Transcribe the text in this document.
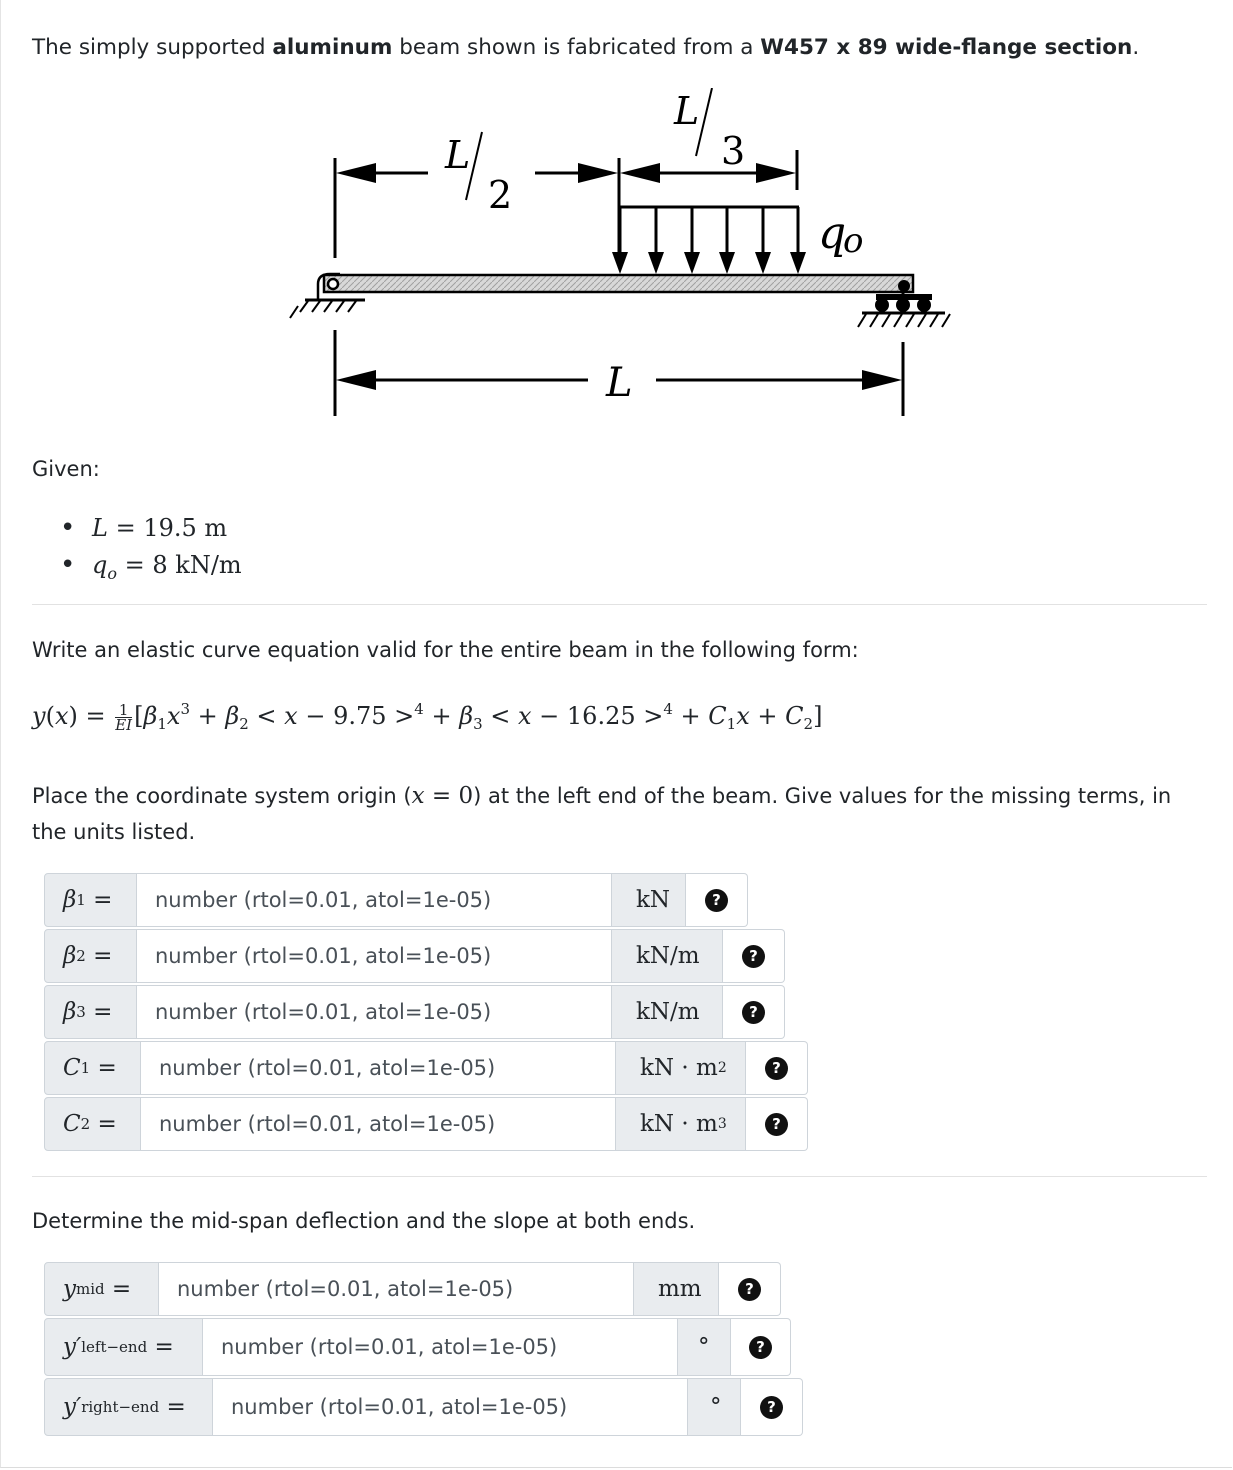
The simply supported aluminum beam shown is fabricated from a W457 x 89 wide-flange section.

L
2
L
3
q
o
L

Given:

• L = 19.5 m
• $q_o = 8$ kN/m

Write an elastic curve equation valid for the entire beam in the following form:

$y(x) = \frac{1}{EI} [\beta_1x^3 + \beta_2 < x - 9.75 >^4 + \beta_3 < x - 16.25 >^4 + C_1x + C_2]$

Place the coordinate system origin (x = 0) at the left end of the beam. Give values for the missing terms, in the units listed.

β 1 =
number (rtol=0.01, atol=1e-05)	kN	?
β 2 =
number (rtol=0.01, atol=1e-05)	kN/m	?
β 3 =
number (rtol=0.01, atol=1e-05)	kN/m	?
C 1 =
number (rtol=0.01, atol=1e-05)	kN · m 2	?
C 2 =
number (rtol=0.01, atol=1e-05)	kN · m 3	?

Determine the mid-span deflection and the slope at both ends.

y mid =
number (rtol=0.01, atol=1e-05)	mm	?
y′ left−end =
number (rtol=0.01, atol=1e-05)	°	?
y′ right−end =
number (rtol=0.01, atol=1e-05)	°	?
